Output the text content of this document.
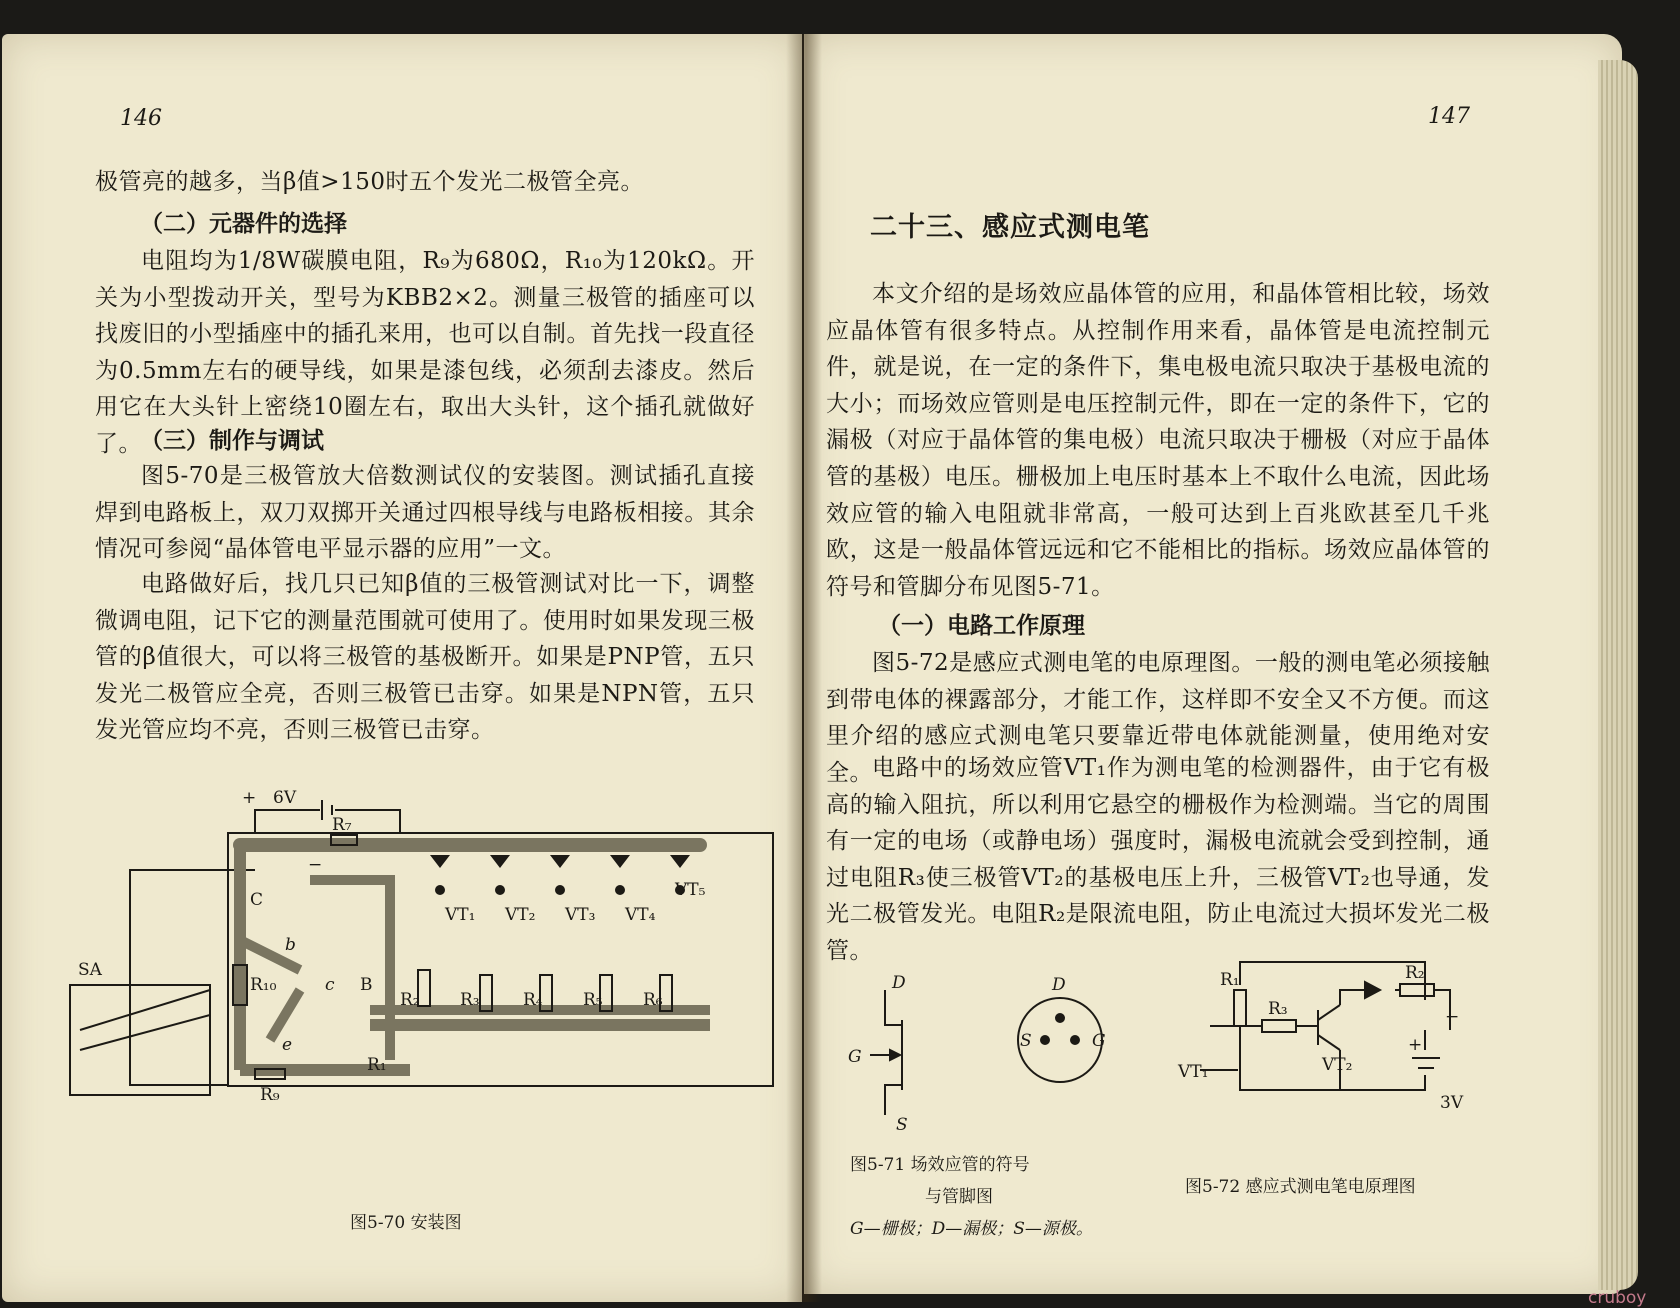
146

极管亮的越多，当β值>150时五个发光二极管全亮。

（二）元器件的选择

电阻均为1/8W碳膜电阻，R₉为680Ω，R₁₀为120kΩ。开关为小型拨动开关，型号为KBB2×2。测量三极管的插座可以找废旧的小型插座中的插孔来用，也可以自制。首先找一段直径为0.5mm左右的硬导线，如果是漆包线，必须刮去漆皮。然后用它在大头针上密绕10圈左右，取出大头针，这个插孔就做好了。

（三）制作与调试

图5-70是三极管放大倍数测试仪的安装图。测试插孔直接焊到电路板上，双刀双掷开关通过四根导线与电路板相接。其余情况可参阅“晶体管电平显示器的应用”一文。

电路做好后，找几只已知β值的三极管测试对比一下，调整微调电阻，记下它的测量范围就可使用了。使用时如果发现三极管的β值很大，可以将三极管的基极断开。如果是PNP管，五只发光二极管应全亮，否则三极管已击穿。如果是NPN管，五只发光管应均不亮，否则三极管已击穿。

6V
+
−
C
b
e
c B
SA
R₇
R₁₀
R₁
R₂ R₃	R₄ R₅ R₆
R₉
VT₁ VT₂ VT₃ VT₄
VT₅

图5-70 安装图

147

二十三、感应式测电笔

本文介绍的是场效应晶体管的应用，和晶体管相比较，场效应晶体管有很多特点。从控制作用来看，晶体管是电流控制元件，就是说，在一定的条件下，集电极电流只取决于基极电流的大小；而场效应管则是电压控制元件，即在一定的条件下，它的漏极（对应于晶体管的集电极）电流只取决于栅极（对应于晶体管的基极）电压。栅极加上电压时基本上不取什么电流，因此场效应管的输入电阻就非常高，一般可达到上百兆欧甚至几千兆欧，这是一般晶体管远远和它不能相比的指标。场效应晶体管的符号和管脚分布见图5-71。

（一）电路工作原理

图5-72是感应式测电笔的电原理图。一般的测电笔必须接触到带电体的裸露部分，才能工作，这样即不安全又不方便。而这里介绍的感应式测电笔只要靠近带电体就能测量，使用绝对安全。 电路中的场效应管VT₁作为测电笔的检测器件，由于它有极高的输入阻抗，所以利用它悬空的栅极作为检测端。当它的周围有一定的电场（或静电场）强度时，漏极电流就会受到控制，通过电阻R₃使三极管VT₂的基极电压上升，三极管VT₂也导通，发光二极管发光。电阻R₂是限流电阻，防止电流过大损坏发光二极管。

D
G
S
D
S	G

图5-71 场效应管的符号

与管脚图

G—栅极；D—漏极；S—源极。

R₁	R₂
R₃
VT₁	VT₂
3V
+
−

图5-72 感应式测电笔电原理图

cruboy
